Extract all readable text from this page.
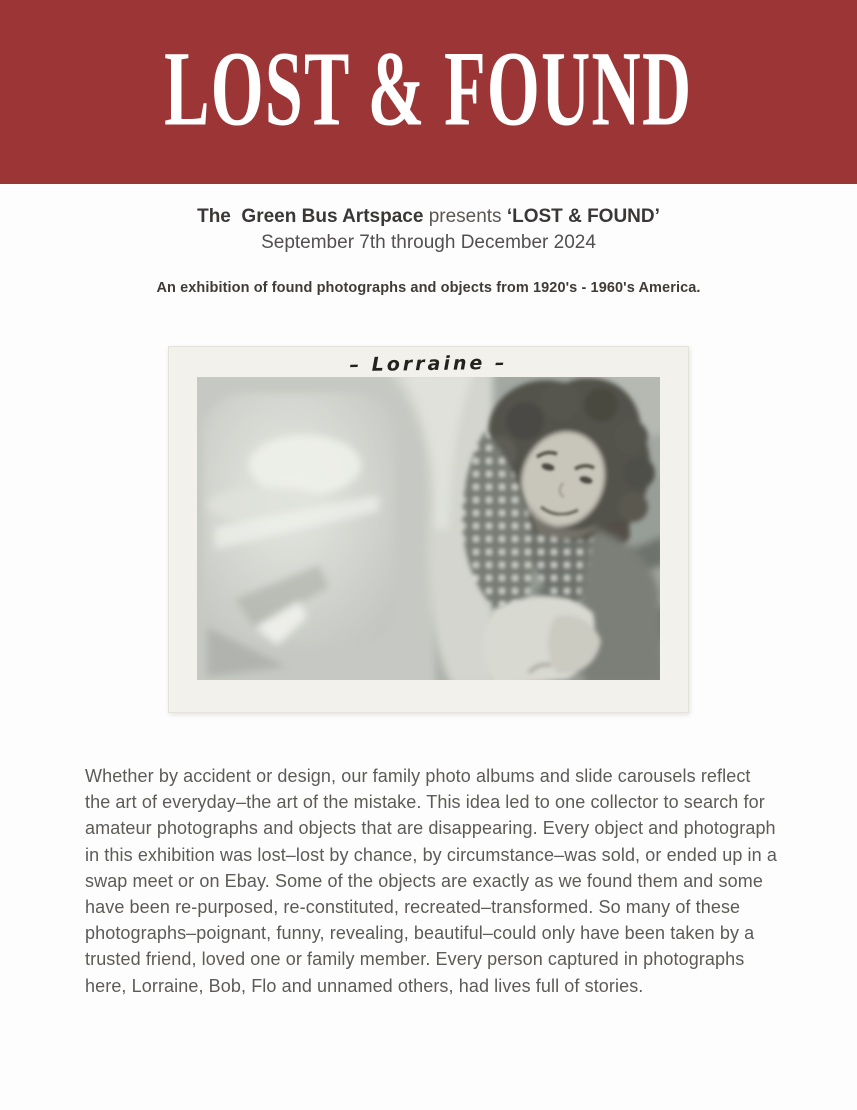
LOST & FOUND

The  Green Bus Artspace presents ‘LOST & FOUND’

September 7th through December 2024

An exhibition of found photographs and objects from 1920's - 1960's America.

– Lorraine –

Whether by accident or design, our family photo albums and slide carousels reflect the art of everyday–the art of the mistake. This idea led to one collector to search for amateur photographs and objects that are disappearing. Every object and photograph in this exhibition was lost–lost by chance, by circumstance–was sold, or ended up in a swap meet or on Ebay. Some of the objects are exactly as we found them and some have been re-purposed, re-constituted, recreated–transformed. So many of these photographs–poignant, funny, revealing, beautiful–could only have been taken by a trusted friend, loved one or family member. Every person captured in photographs here, Lorraine, Bob, Flo and unnamed others, had lives full of stories.
